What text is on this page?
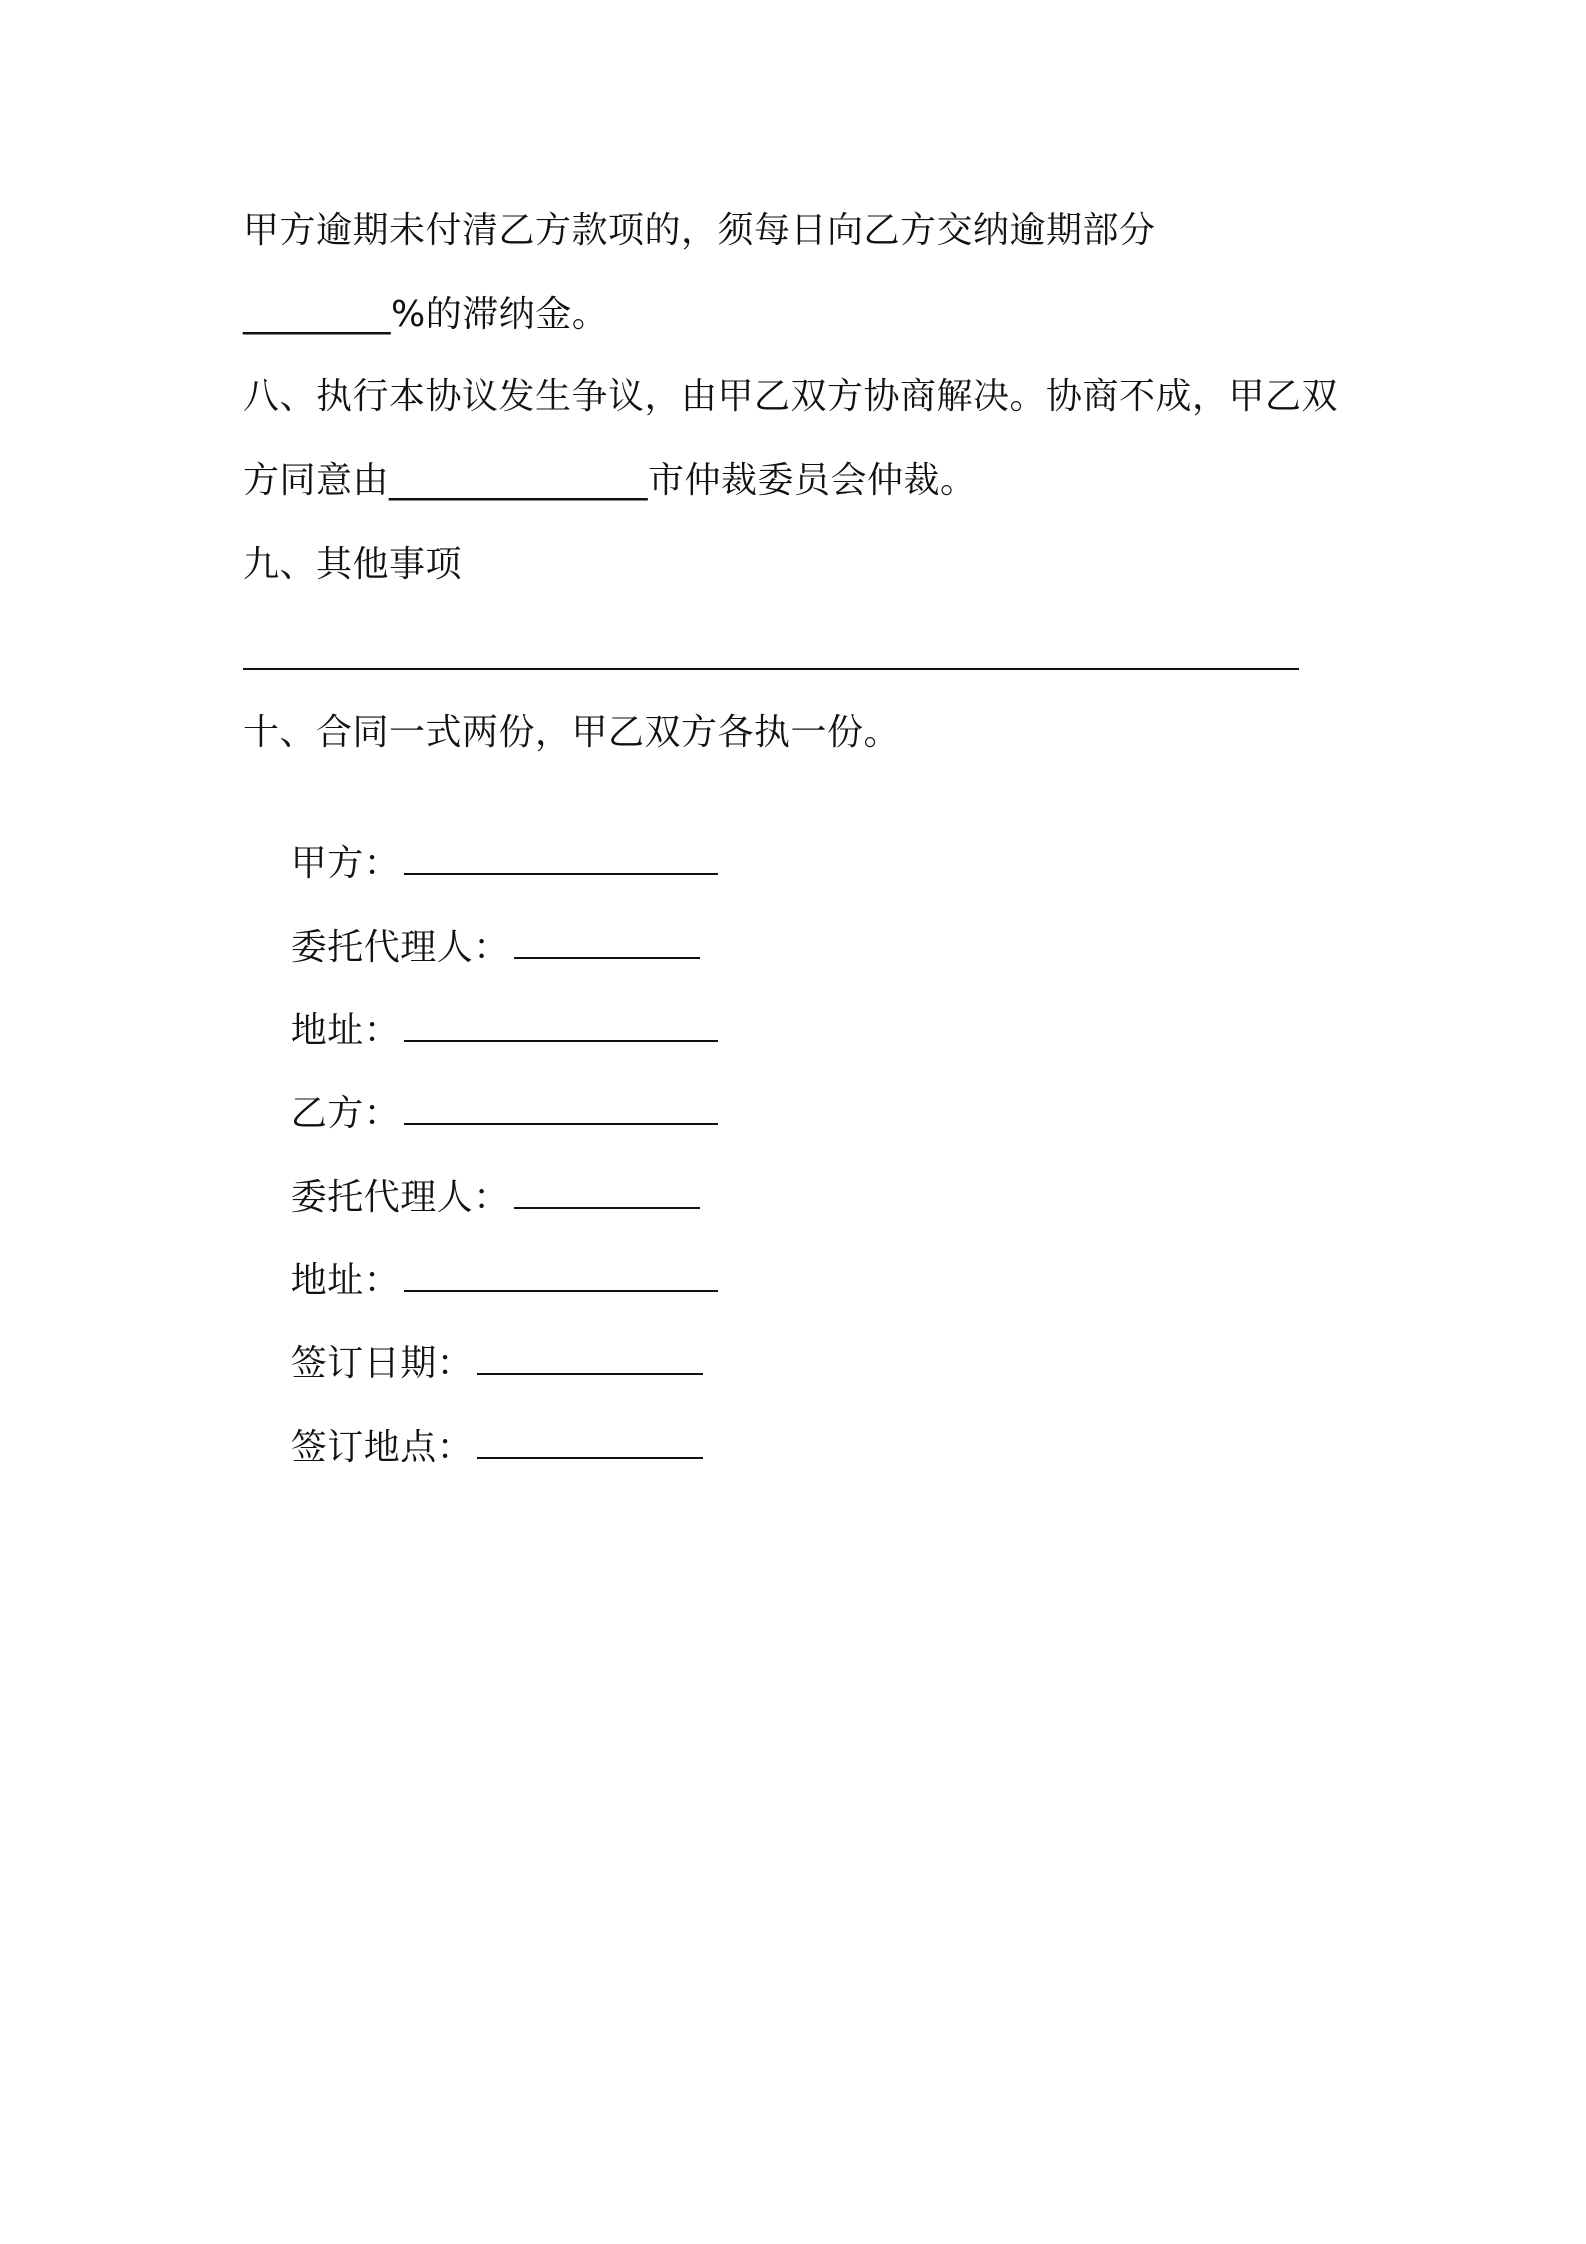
甲方逾期未付清乙方款项的，须每日向乙方交纳逾期部分
________%的滞纳金。
八、执行本协议发生争议，由甲乙双方协商解决。协商不成，甲乙双
方同意由______________市仲裁委员会仲裁。
九、其他事项
十、合同一式两份，甲乙双方各执一份。

甲方：

委托代理人：

地址：

乙方：

委托代理人：

地址：

签订日期：

签订地点：
